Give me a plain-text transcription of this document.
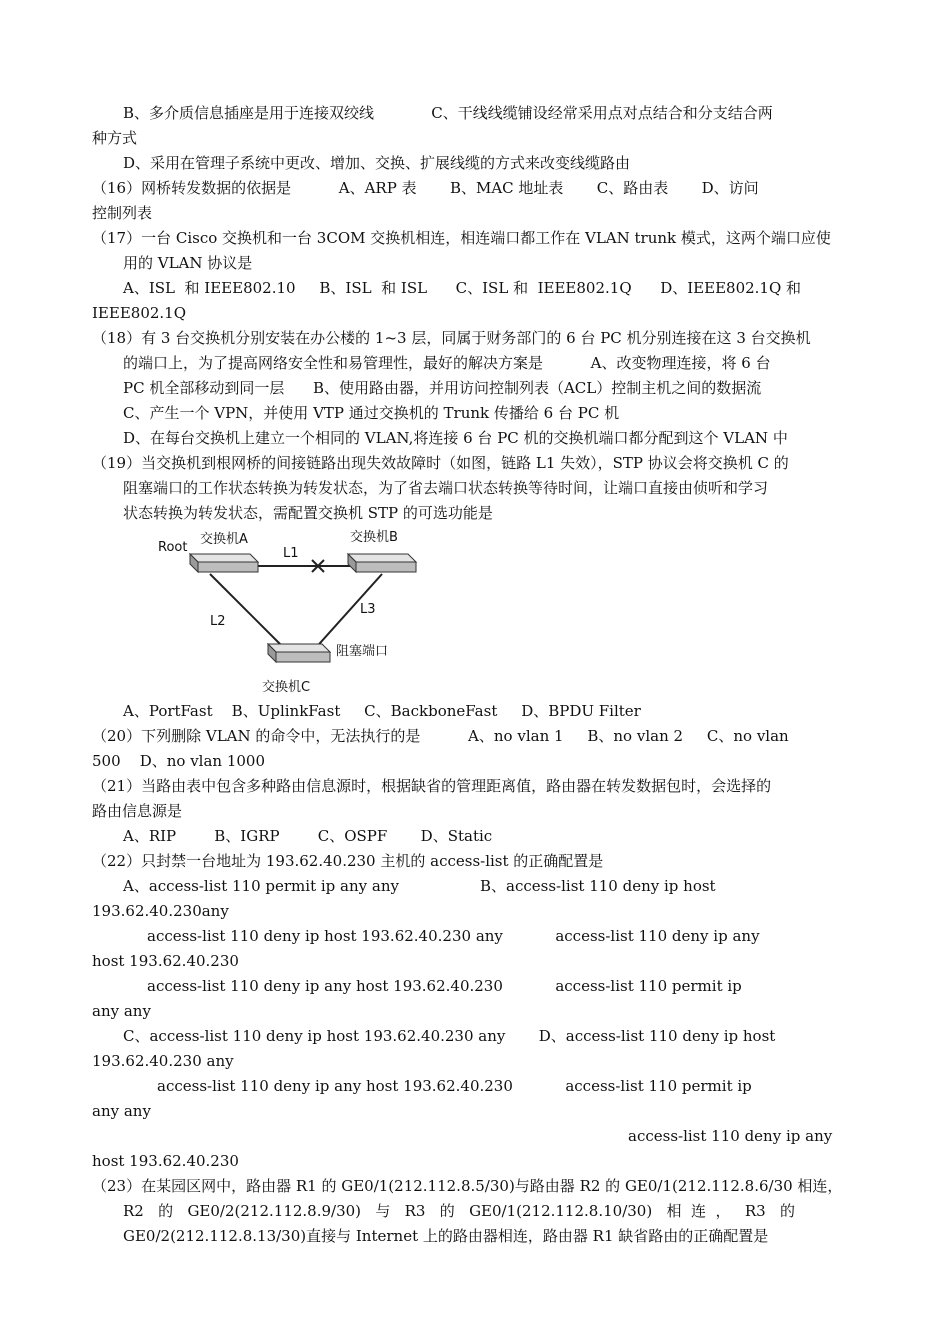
B、多介质信息插座是用于连接双绞线            C、干线线缆铺设经常采用点对点结合和分支结合两
种方式
D、采用在管理子系统中更改、增加、交换、扩展线缆的方式来改变线缆路由
（16）网桥转发数据的依据是          A、ARP 表       B、MAC 地址表       C、路由表       D、访问
控制列表
（17）一台 Cisco 交换机和一台 3COM 交换机相连，相连端口都工作在 VLAN trunk 模式，这两个端口应使
用的 VLAN 协议是
A、ISL  和 IEEE802.10     B、ISL  和 ISL      C、ISL 和  IEEE802.1Q      D、IEEE802.1Q 和
IEEE802.1Q
（18）有 3 台交换机分别安装在办公楼的 1~3 层，同属于财务部门的 6 台 PC 机分别连接在这 3 台交换机
的端口上，为了提高网络安全性和易管理性，最好的解决方案是          A、改变物理连接，将 6 台
PC 机全部移动到同一层      B、使用路由器，并用访问控制列表（ACL）控制主机之间的数据流
C、产生一个 VPN，并使用 VTP 通过交换机的 Trunk 传播给 6 台 PC 机
D、在每台交换机上建立一个相同的 VLAN,将连接 6 台 PC 机的交换机端口都分配到这个 VLAN 中
（19）当交换机到根网桥的间接链路出现失效故障时（如图，链路 L1 失效），STP 协议会将交换机 C 的
阻塞端口的工作状态转换为转发状态，为了省去端口状态转换等待时间，让端口直接由侦听和学习
状态转换为转发状态，需配置交换机 STP 的可选功能是
Root
交换机A	交换机B
L1
L2
L3
阻塞端口
交换机C
A、PortFast    B、UplinkFast     C、BackboneFast     D、BPDU Filter
（20）下列删除 VLAN 的命令中，无法执行的是          A、no vlan 1     B、no vlan 2     C、no vlan
500    D、no vlan 1000
（21）当路由表中包含多种路由信息源时，根据缺省的管理距离值，路由器在转发数据包时，会选择的
路由信息源是
A、RIP        B、IGRP        C、OSPF       D、Static
（22）只封禁一台地址为 193.62.40.230 主机的 access-list 的正确配置是
A、access-list 110 permit ip any any                 B、access-list 110 deny ip host
193.62.40.230any
access-list 110 deny ip host 193.62.40.230 any           access-list 110 deny ip any
host 193.62.40.230
access-list 110 deny ip any host 193.62.40.230           access-list 110 permit ip
any any
C、access-list 110 deny ip host 193.62.40.230 any       D、access-list 110 deny ip host
193.62.40.230 any
access-list 110 deny ip any host 193.62.40.230           access-list 110 permit ip
any any
access-list 110 deny ip any
host 193.62.40.230
（23）在某园区网中，路由器 R1 的 GE0/1(212.112.8.5/30)与路由器 R2 的 GE0/1(212.112.8.6/30 相连，
R2   的   GE0/2(212.112.8.9/30)   与   R3   的   GE0/1(212.112.8.10/30)   相  连  ，   R3   的
GE0/2(212.112.8.13/30)直接与 Internet 上的路由器相连，路由器 R1 缺省路由的正确配置是
